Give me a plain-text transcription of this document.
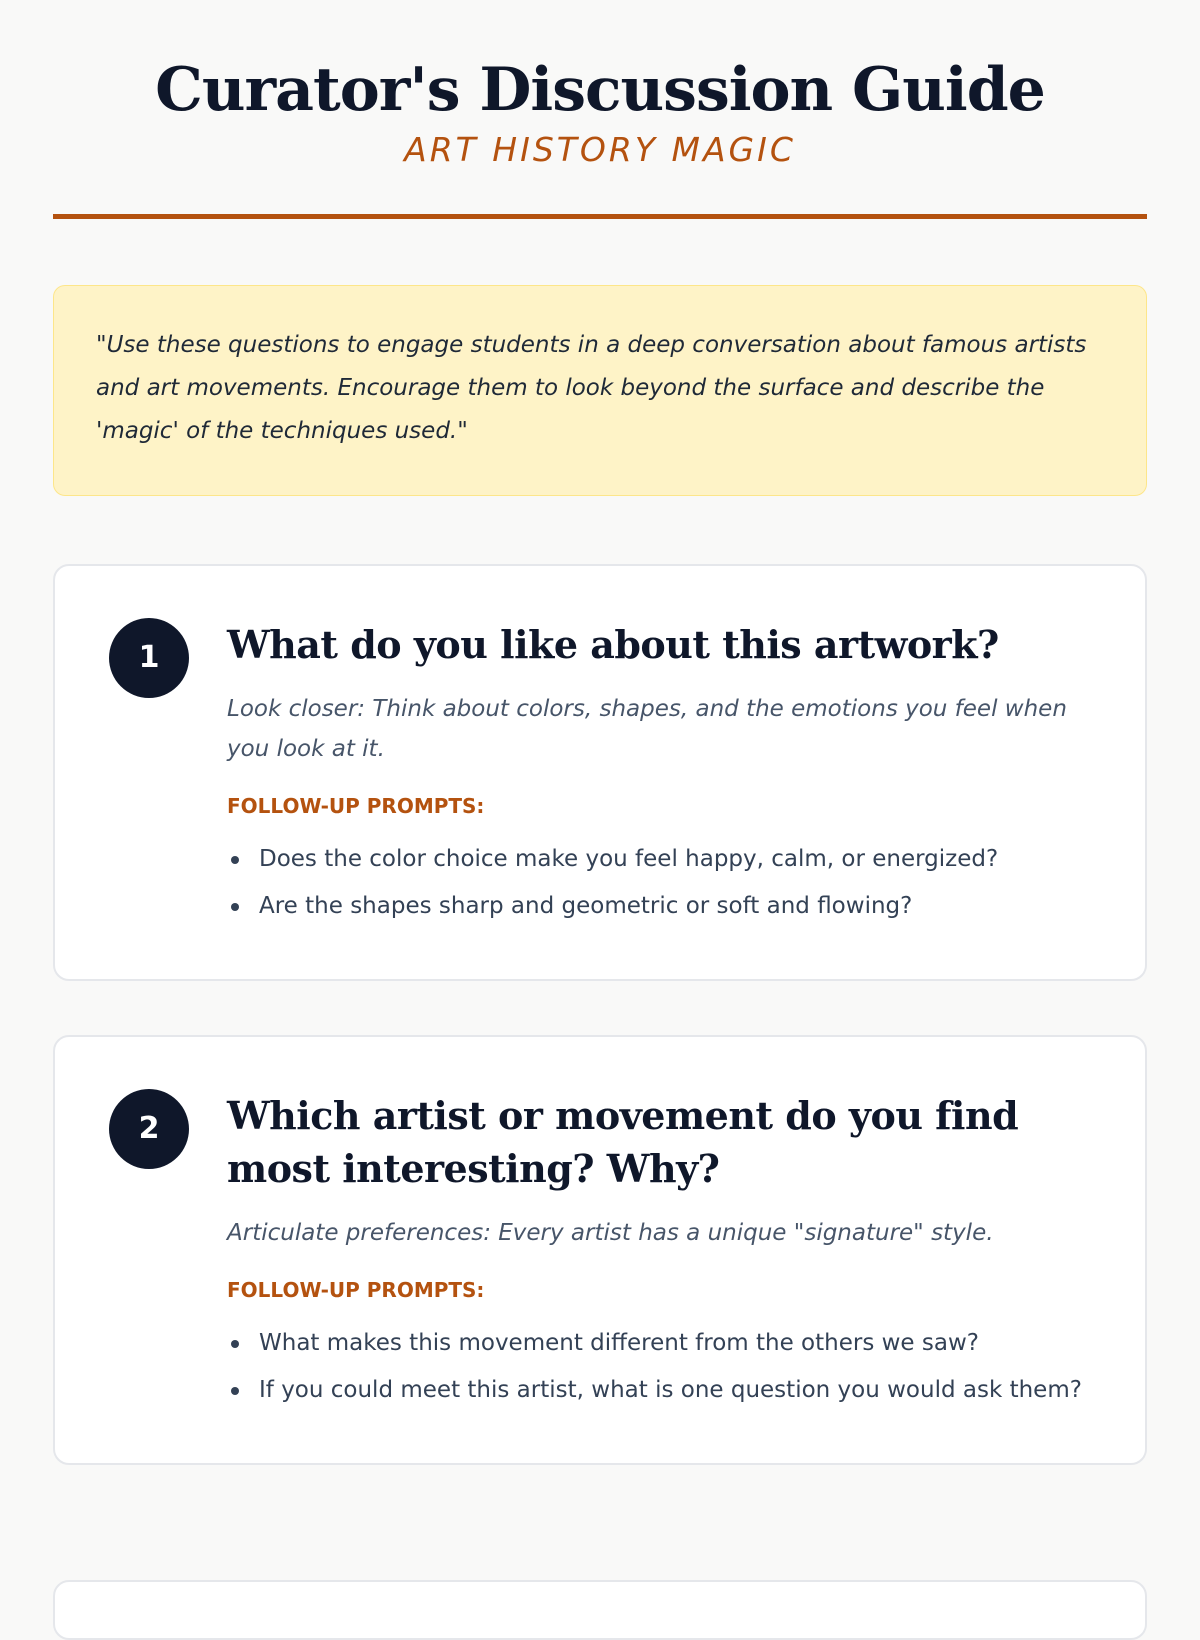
Curator's Discussion Guide
ART HISTORY MAGIC
"Use these questions to engage students in a deep conversation about famous artists and art movements. Encourage them to look beyond the surface and describe the 'magic' of the techniques used."
1	What do you like about this artwork?
Look closer: Think about colors, shapes, and the emotions you feel when you look at it.
FOLLOW-UP PROMPTS:
Does the color choice make you feel happy, calm, or energized?
Are the shapes sharp and geometric or soft and flowing?
2	Which artist or movement do you find most interesting? Why?
Articulate preferences: Every artist has a unique "signature" style.
FOLLOW-UP PROMPTS:
What makes this movement different from the others we saw?
If you could meet this artist, what is one question you would ask them?
